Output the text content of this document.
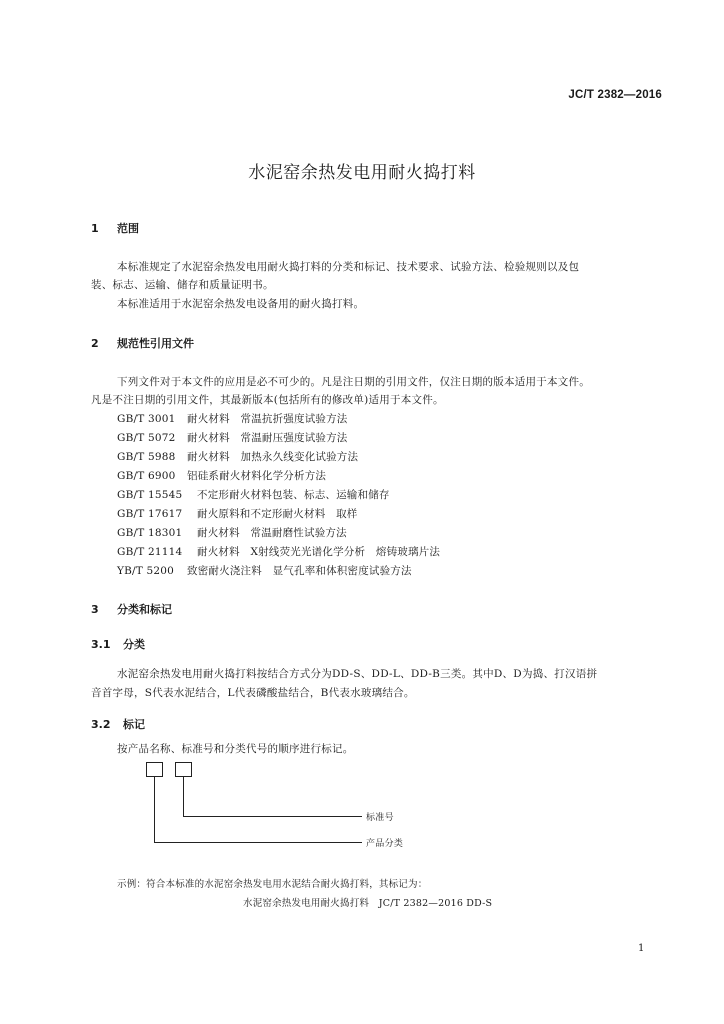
JC/T 2382—2016
水泥窑余热发电用耐火捣打料
1 范围
本标准规定了水泥窑余热发电用耐火捣打料的分类和标记、技术要求、试验方法、检验规则以及包
装、标志、运输、储存和质量证明书。
本标准适用于水泥窑余热发电设备用的耐火捣打料。
2 规范性引用文件
下列文件对于本文件的应用是必不可少的。凡是注日期的引用文件，仅注日期的版本适用于本文件。
凡是不注日期的引用文件，其最新版本(包括所有的修改单)适用于本文件。
GB/T 3001 耐火材料　常温抗折强度试验方法
GB/T 5072 耐火材料　常温耐压强度试验方法
GB/T 5988 耐火材料　加热永久线变化试验方法
GB/T 6900 铝硅系耐火材料化学分析方法
GB/T 15545 不定形耐火材料包装、标志、运输和储存
GB/T 17617 耐火原料和不定形耐火材料　取样
GB/T 18301 耐火材料　常温耐磨性试验方法
GB/T 21114 耐火材料　X射线荧光光谱化学分析　熔铸玻璃片法
YB/T 5200 致密耐火浇注料　显气孔率和体积密度试验方法
3 分类和标记
3.1 分类
水泥窑余热发电用耐火捣打料按结合方式分为DD-S、DD-L、DD-B三类。其中D、D为捣、打汉语拼
音首字母，S代表水泥结合，L代表磷酸盐结合，B代表水玻璃结合。
3.2 标记
按产品名称、标准号和分类代号的顺序进行标记。
标准号
产品分类
示例：符合本标准的水泥窑余热发电用水泥结合耐火捣打料，其标记为：
水泥窑余热发电用耐火捣打料　JC/T 2382—2016 DD-S
1
